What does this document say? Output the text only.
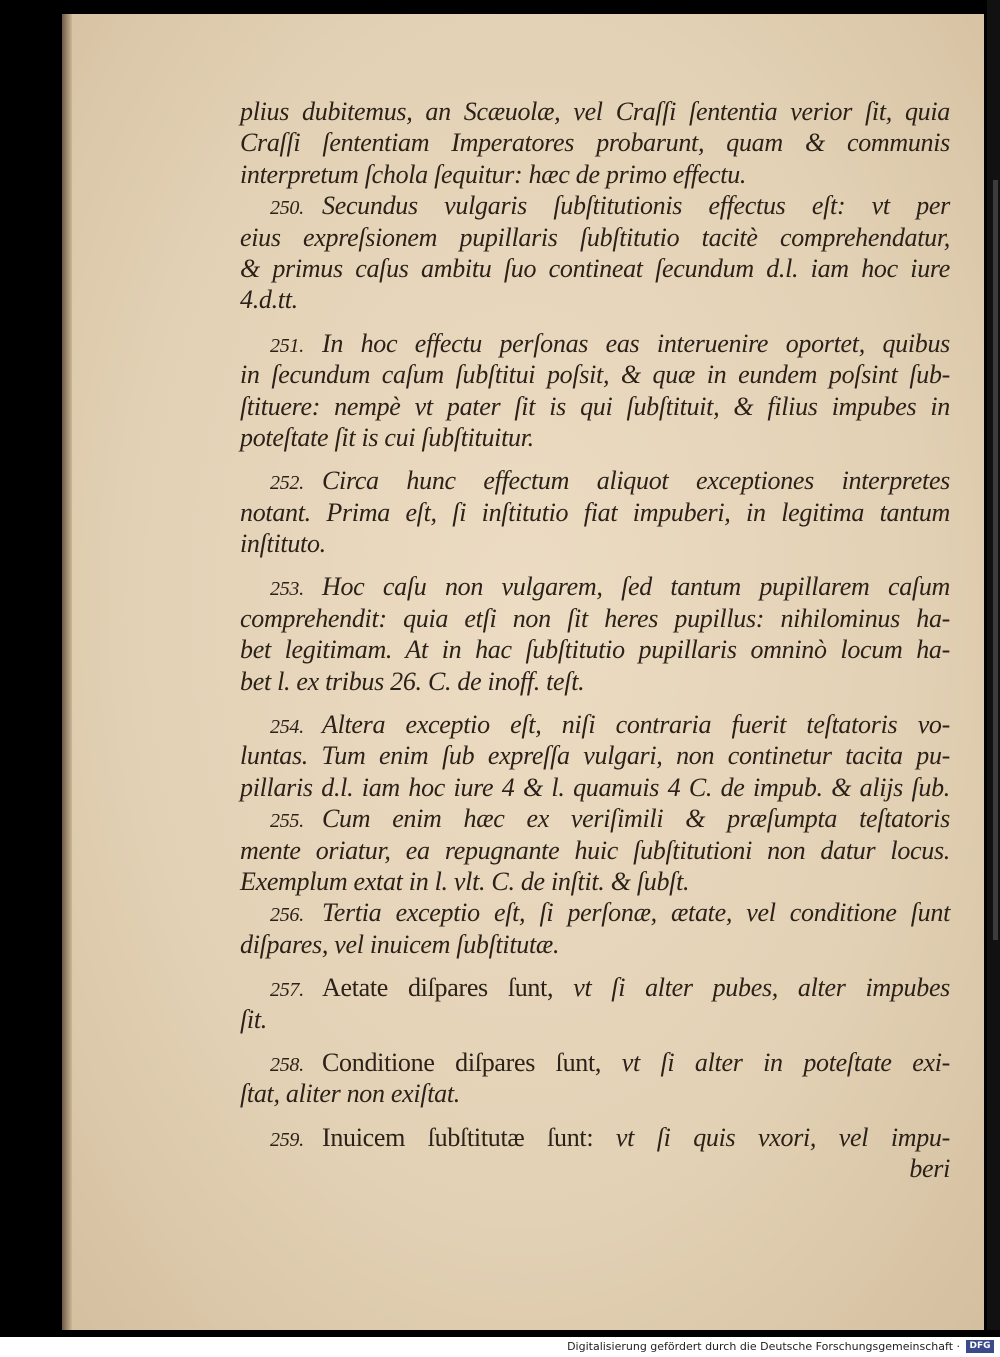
plius dubitemus, an Scæuolæ, vel Craſſi ſententia verior ſit, quia
Craſſi ſententiam Imperatores probarunt, quam & communis
interpretum ſchola ſequitur: hæc de primo effectu.
250. Secundus vulgaris ſubſtitutionis effectus eſt: vt per
eius expreſsionem pupillaris ſubſtitutio tacitè comprehendatur,
& primus caſus ambitu ſuo contineat ſecundum d.l. iam hoc iure
4.d.tt.
251. In hoc effectu perſonas eas interuenire oportet, quibus
in ſecundum caſum ſubſtitui poſsit, & quæ in eundem poſsint ſub-
ſtituere: nempè vt pater ſit is qui ſubſtituit, & filius impubes in
poteſtate ſit is cui ſubſtituitur.
252. Circa hunc effectum aliquot exceptiones interpretes
notant. Prima eſt, ſi inſtitutio fiat impuberi, in legitima tantum
inſtituto.
253. Hoc caſu non vulgarem, ſed tantum pupillarem caſum
comprehendit: quia etſi non ſit heres pupillus: nihilominus ha-
bet legitimam. At in hac ſubſtitutio pupillaris omninò locum ha-
bet l. ex tribus 26. C. de inoff. teſt.
254. Altera exceptio eſt, niſi contraria fuerit teſtatoris vo-
luntas. Tum enim ſub expreſſa vulgari, non continetur tacita pu-
pillaris d.l. iam hoc iure 4 & l. quamuis 4 C. de impub. & alijs ſub.
255. Cum enim hæc ex veriſimili & præſumpta teſtatoris
mente oriatur, ea repugnante huic ſubſtitutioni non datur locus.
Exemplum extat in l. vlt. C. de inſtit. & ſubſt.
256. Tertia exceptio eſt, ſi perſonæ, ætate, vel conditione ſunt
diſpares, vel inuicem ſubſtitutæ.
257. Aetate diſpares ſunt, vt ſi alter pubes, alter impubes
ſit.
258. Conditione diſpares ſunt, vt ſi alter in poteſtate exi-
ſtat, aliter non exiſtat.
259. Inuicem ſubſtitutæ ſunt: vt ſi quis vxori, vel impu-
beri
Digitalisierung gefördert durch die Deutsche Forschungsgemeinschaft ·	DFG
